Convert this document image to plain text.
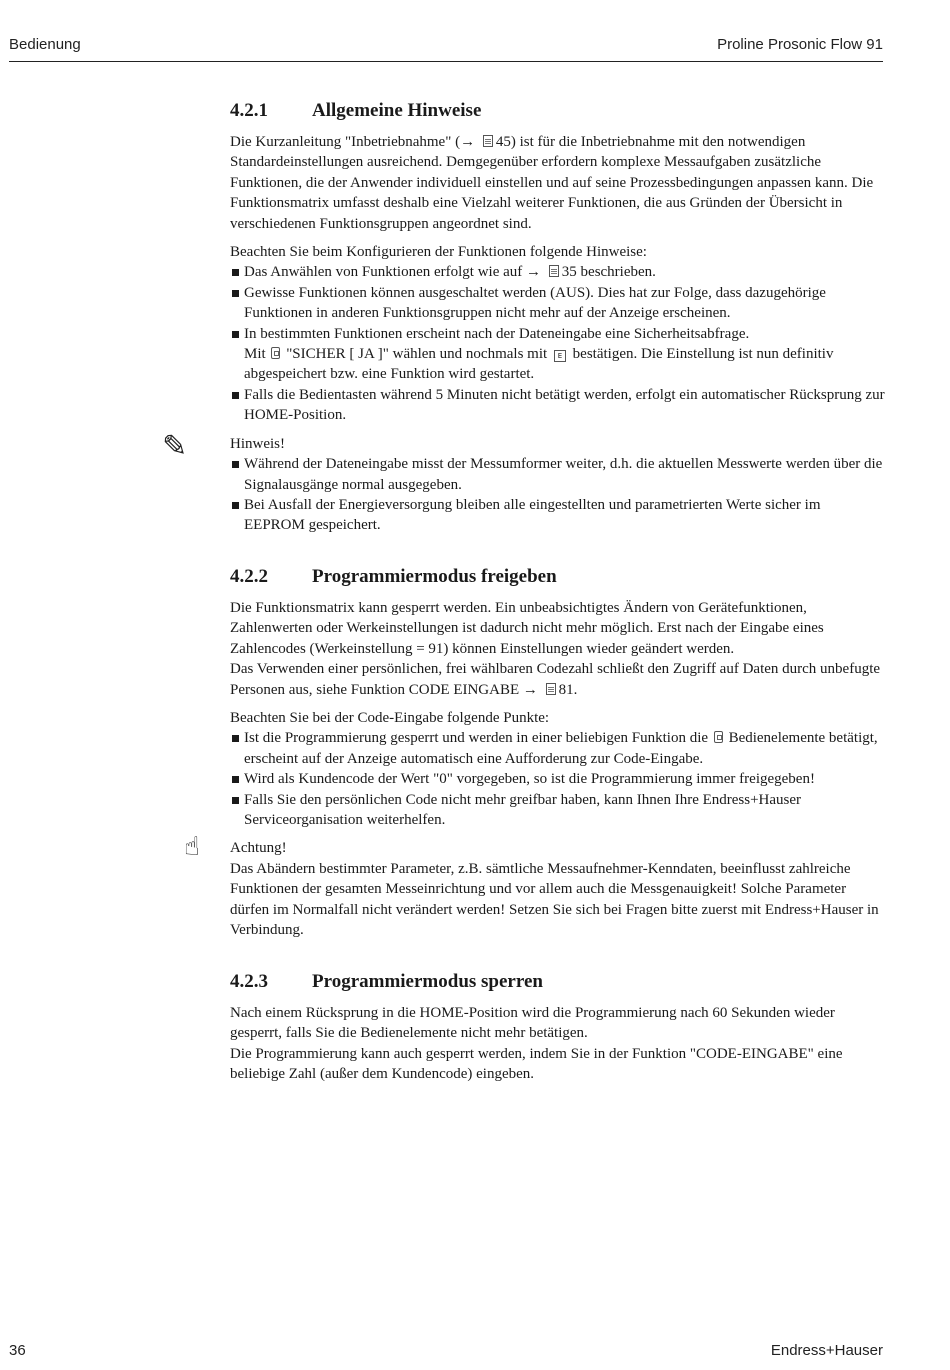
Bedienung	Proline Prosonic Flow 91
4.2.1	Allgemeine Hinweise

Die Kurzanleitung "Inbetriebnahme" (→ 45) ist für die Inbetriebnahme mit den notwendigen Standardeinstellungen ausreichend. Demgegenüber erfordern komplexe Messaufgaben zusätzliche Funktionen, die der Anwender individuell einstellen und auf seine Prozessbedingungen anpassen kann. Die Funktionsmatrix umfasst deshalb eine Vielzahl weiterer Funktionen, die aus Gründen der Übersicht in verschiedenen Funktionsgruppen angeordnet sind.

Beachten Sie beim Konfigurieren der Funktionen folgende Hinweise:

Das Anwählen von Funktionen erfolgt wie auf → 35 beschrieben.
Gewisse Funktionen können ausgeschaltet werden (AUS). Dies hat zur Folge, dass dazugehörige Funktionen in anderen Funktionsgruppen nicht mehr auf der Anzeige erscheinen.
In bestimmten Funktionen erscheint nach der Dateneingabe eine Sicherheitsabfrage.
Mit "SICHER [ JA ]" wählen und nochmals mit E bestätigen. Die Einstellung ist nun definitiv abgespeichert bzw. eine Funktion wird gestartet.
Falls die Bedientasten während 5 Minuten nicht betätigt werden, erfolgt ein automatischer Rücksprung zur HOME-Position.

Hinweis!

Während der Dateneingabe misst der Messumformer weiter, d.h. die aktuellen Messwerte werden über die Signalausgänge normal ausgegeben.
Bei Ausfall der Energieversorgung bleiben alle eingestellten und parametrierten Werte sicher im EEPROM gespeichert.
✎
4.2.2	Programmiermodus freigeben

Die Funktionsmatrix kann gesperrt werden. Ein unbeabsichtigtes Ändern von Gerätefunktionen, Zahlenwerten oder Werkeinstellungen ist dadurch nicht mehr möglich. Erst nach der Eingabe eines Zahlencodes (Werkeinstellung = 91) können Einstellungen wieder geändert werden.

Das Verwenden einer persönlichen, frei wählbaren Codezahl schließt den Zugriff auf Daten durch unbefugte Personen aus, siehe Funktion CODE EINGABE → 81.

Beachten Sie bei der Code-Eingabe folgende Punkte:

Ist die Programmierung gesperrt und werden in einer beliebigen Funktion die Bedienelemente betätigt, erscheint auf der Anzeige automatisch eine Aufforderung zur Code-Eingabe.
Wird als Kundencode der Wert "0" vorgegeben, so ist die Programmierung immer freigegeben!
Falls Sie den persönlichen Code nicht mehr greifbar haben, kann Ihnen Ihre Endress+Hauser Serviceorganisation weiterhelfen.

Achtung!

Das Abändern bestimmter Parameter, z.B. sämtliche Messaufnehmer-Kenndaten, beeinflusst zahlreiche Funktionen der gesamten Messeinrichtung und vor allem auch die Messgenauigkeit! Solche Parameter dürfen im Normalfall nicht verändert werden! Setzen Sie sich bei Fragen bitte zuerst mit Endress+Hauser in Verbindung.

☝
4.2.3	Programmiermodus sperren

Nach einem Rücksprung in die HOME-Position wird die Programmierung nach 60 Sekunden wieder gesperrt, falls Sie die Bedienelemente nicht mehr betätigen.

Die Programmierung kann auch gesperrt werden, indem Sie in der Funktion "CODE-EINGABE" eine beliebige Zahl (außer dem Kundencode) eingeben.

36	Endress+Hauser
